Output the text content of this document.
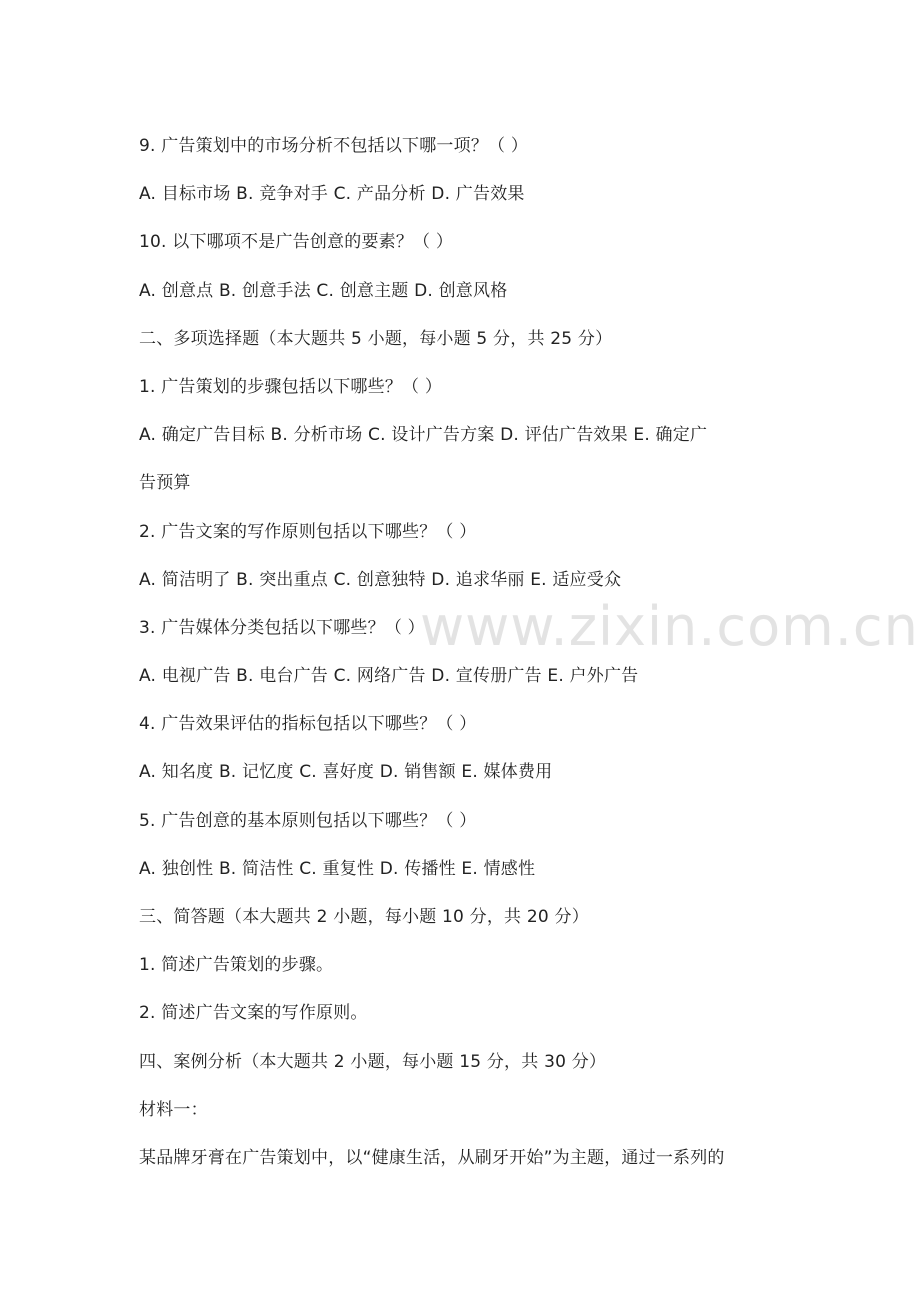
www.zixin.com.cn
9. 广告策划中的市场分析不包括以下哪一项？（ ）
A. 目标市场 B. 竞争对手 C. 产品分析 D. 广告效果
10. 以下哪项不是广告创意的要素？（ ）
A. 创意点 B. 创意手法 C. 创意主题 D. 创意风格
二、多项选择题（本大题共 5 小题，每小题 5 分，共 25 分）
1. 广告策划的步骤包括以下哪些？（ ）
A. 确定广告目标 B. 分析市场 C. 设计广告方案 D. 评估广告效果 E. 确定广
告预算
2. 广告文案的写作原则包括以下哪些？（ ）
A. 简洁明了 B. 突出重点 C. 创意独特 D. 追求华丽 E. 适应受众
3. 广告媒体分类包括以下哪些？（ ）
A. 电视广告 B. 电台广告 C. 网络广告 D. 宣传册广告 E. 户外广告
4. 广告效果评估的指标包括以下哪些？（ ）
A. 知名度 B. 记忆度 C. 喜好度 D. 销售额 E. 媒体费用
5. 广告创意的基本原则包括以下哪些？（ ）
A. 独创性 B. 简洁性 C. 重复性 D. 传播性 E. 情感性
三、简答题（本大题共 2 小题，每小题 10 分，共 20 分）
1. 简述广告策划的步骤。
2. 简述广告文案的写作原则。
四、案例分析（本大题共 2 小题，每小题 15 分，共 30 分）
材料一：
某品牌牙膏在广告策划中，以“健康生活，从刷牙开始”为主题，通过一系列的
